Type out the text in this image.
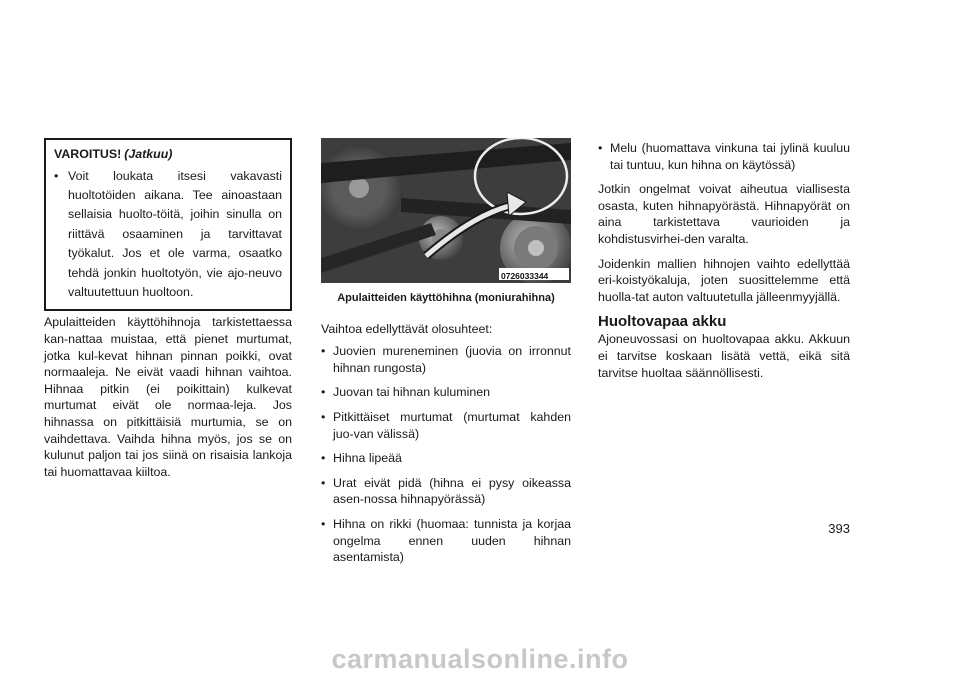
VAROITUS! (Jatkuu)
• Voit loukata itsesi vakavasti huoltotöiden aikana. Tee ainoastaan sellaisia huolto-töitä, joihin sinulla on riittävä osaaminen ja tarvittavat työkalut. Jos et ole varma, osaatko tehdä jonkin huoltotyön, vie ajo-neuvo valtuutettuun huoltoon.

Apulaitteiden käyttöhihnoja tarkistettaessa kan-nattaa muistaa, että pienet murtumat, jotka kul-kevat hihnan pinnan poikki, ovat normaaleja. Ne eivät vaadi hihnan vaihtoa. Hihnaa pitkin (ei poikittain) kulkevat murtumat eivät ole normaa-leja. Jos hihnassa on pitkittäisiä murtumia, se on vaihdettava. Vaihda hihna myös, jos se on kulunut paljon tai jos siinä on risaisia lankoja tai huomattavaa kiiltoa.

0726033344
Apulaitteiden käyttöhihna (moniurahihna)

Vaihtoa edellyttävät olosuhteet:

• Juovien mureneminen (juovia on irronnut hihnan rungosta)
• Juovan tai hihnan kuluminen
• Pitkittäiset murtumat (murtumat kahden juo-van välissä)
• Hihna lipeää
• Urat eivät pidä (hihna ei pysy oikeassa asen-nossa hihnapyörässä)
• Hihna on rikki (huomaa: tunnista ja korjaa ongelma ennen uuden hihnan asentamista)
• Melu (huomattava vinkuna tai jylinä kuuluu tai tuntuu, kun hihna on käytössä)

Jotkin ongelmat voivat aiheutua viallisesta osasta, kuten hihnapyörästä. Hihnapyörät on aina tarkistettava vaurioiden ja kohdistusvirhei-den varalta.

Joidenkin mallien hihnojen vaihto edellyttää eri-koistyökaluja, joten suosittelemme että huolla-tat auton valtuutetulla jälleenmyyjällä.

Huoltovapaa akku

Ajoneuvossasi on huoltovapaa akku. Akkuun ei tarvitse koskaan lisätä vettä, eikä sitä tarvitse huoltaa säännöllisesti.

393
carmanualsonline.info
